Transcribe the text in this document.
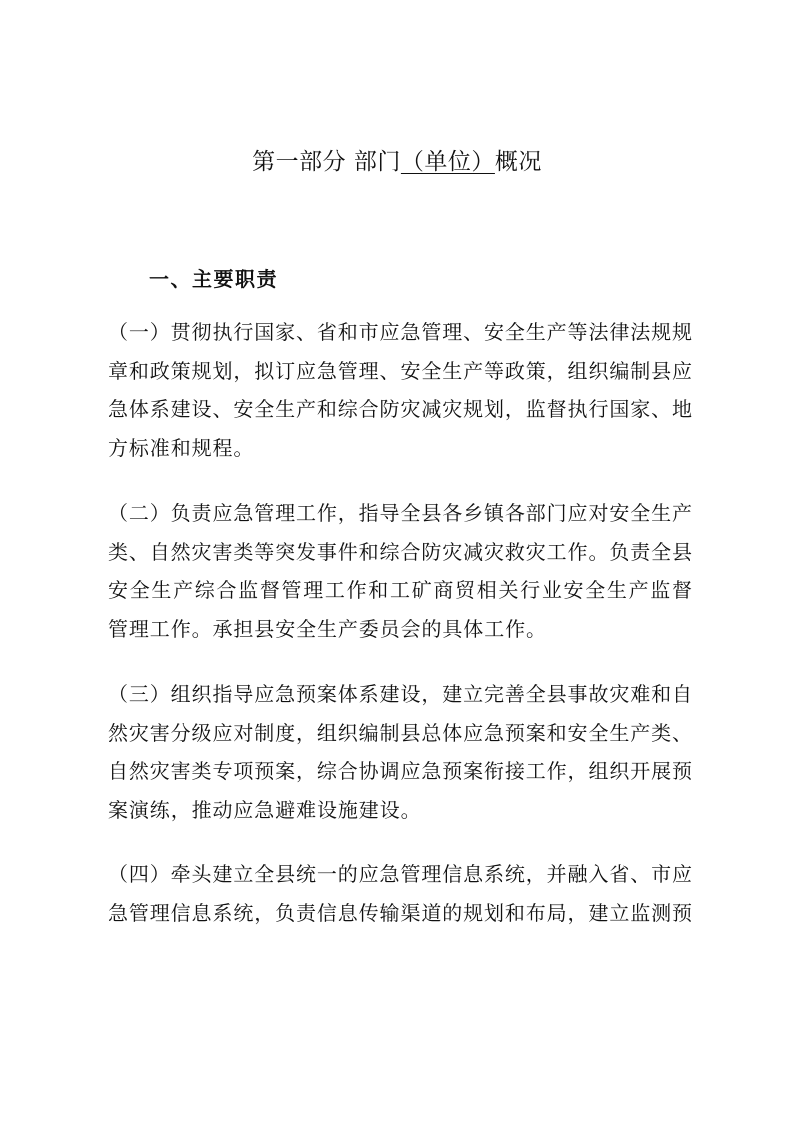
第一部分 部门（单位）概况
一、主要职责
（一）贯彻执行国家、省和市应急管理、安全生产等法律法规规
章和政策规划，拟订应急管理、安全生产等政策，组织编制县应
急体系建设、安全生产和综合防灾减灾规划，监督执行国家、地
方标准和规程。
（二）负责应急管理工作，指导全县各乡镇各部门应对安全生产
类、自然灾害类等突发事件和综合防灾减灾救灾工作。负责全县
安全生产综合监督管理工作和工矿商贸相关行业安全生产监督
管理工作。承担县安全生产委员会的具体工作。
（三）组织指导应急预案体系建设，建立完善全县事故灾难和自
然灾害分级应对制度，组织编制县总体应急预案和安全生产类、
自然灾害类专项预案，综合协调应急预案衔接工作，组织开展预
案演练，推动应急避难设施建设。
（四）牵头建立全县统一的应急管理信息系统，并融入省、市应
急管理信息系统，负责信息传输渠道的规划和布局，建立监测预
